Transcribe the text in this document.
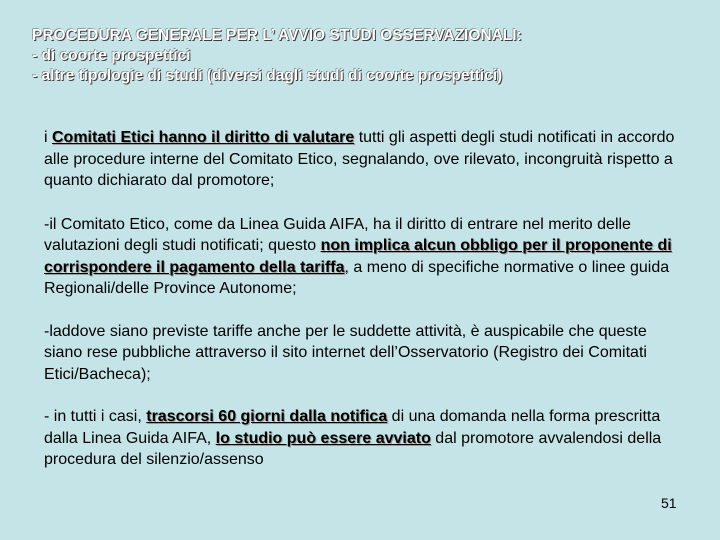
PROCEDURA GENERALE PER L’ AVVIO STUDI OSSERVAZIONALI:
- di coorte prospettici
- altre tipologie di studi (diversi dagli studi di coorte prospettici)

i Comitati Etici hanno il diritto di valutare tutti gli aspetti degli studi notificati in accordo alle procedure interne del Comitato Etico, segnalando, ove rilevato, incongruità rispetto a quanto dichiarato dal promotore;

-il Comitato Etico, come da Linea Guida AIFA, ha il diritto di entrare nel merito delle valutazioni degli studi notificati; questo non implica alcun obbligo per il proponente di corrispondere il pagamento della tariffa, a meno di specifiche normative o linee guida Regionali/delle Province Autonome;

-laddove siano previste tariffe anche per le suddette attività, è auspicabile che queste siano rese pubbliche attraverso il sito internet dell’Osservatorio (Registro dei Comitati Etici/Bacheca);

- in tutti i casi, trascorsi 60 giorni dalla notifica di una domanda nella forma prescritta dalla Linea Guida AIFA, lo studio può essere avviato dal promotore avvalendosi della procedura del silenzio/assenso

51
